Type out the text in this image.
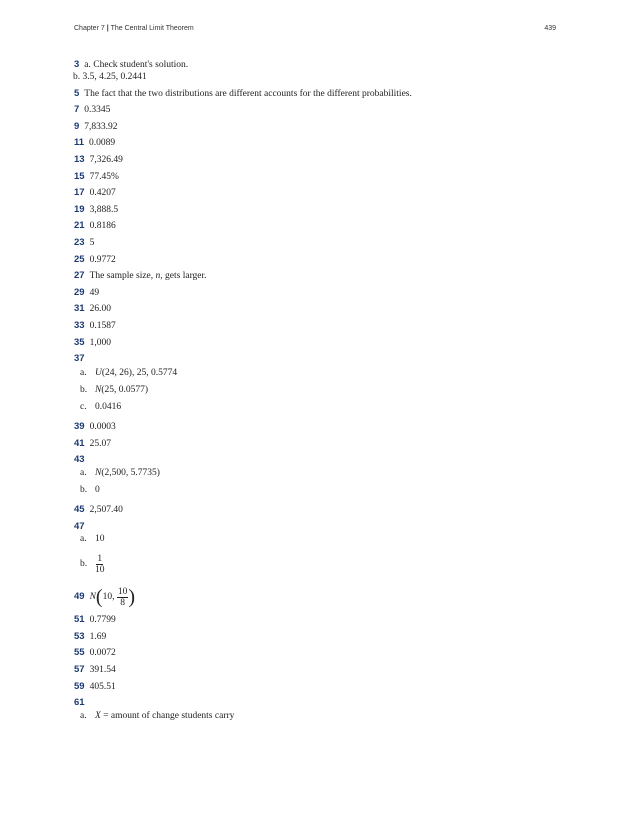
Chapter 7 | The Central Limit Theorem	439
3 a. Check student's solution.
b. 3.5, 4.25, 0.2441
5 The fact that the two distributions are different accounts for the different probabilities.
7 0.3345
9 7,833.92
11 0.0089
13 7,326.49
15 77.45%
17 0.4207
19 3,888.5
21 0.8186
23 5
25 0.9772
27 The sample size, n, gets larger.
29 49
31 26.00
33 0.1587
35 1,000
37
a. U(24, 26), 25, 0.5774
b. N(25, 0.0577)
c. 0.0416
39 0.0003
41 25.07
43
a. N(2,500, 5.7735)
b. 0
45 2,507.40
47
a. 10
b. $\frac{1}{10}$
49 N ( 10, $\frac{10}{8}$ )
51 0.7799
53 1.69
55 0.0072
57 391.54
59 405.51
61
a. X = amount of change students carry
